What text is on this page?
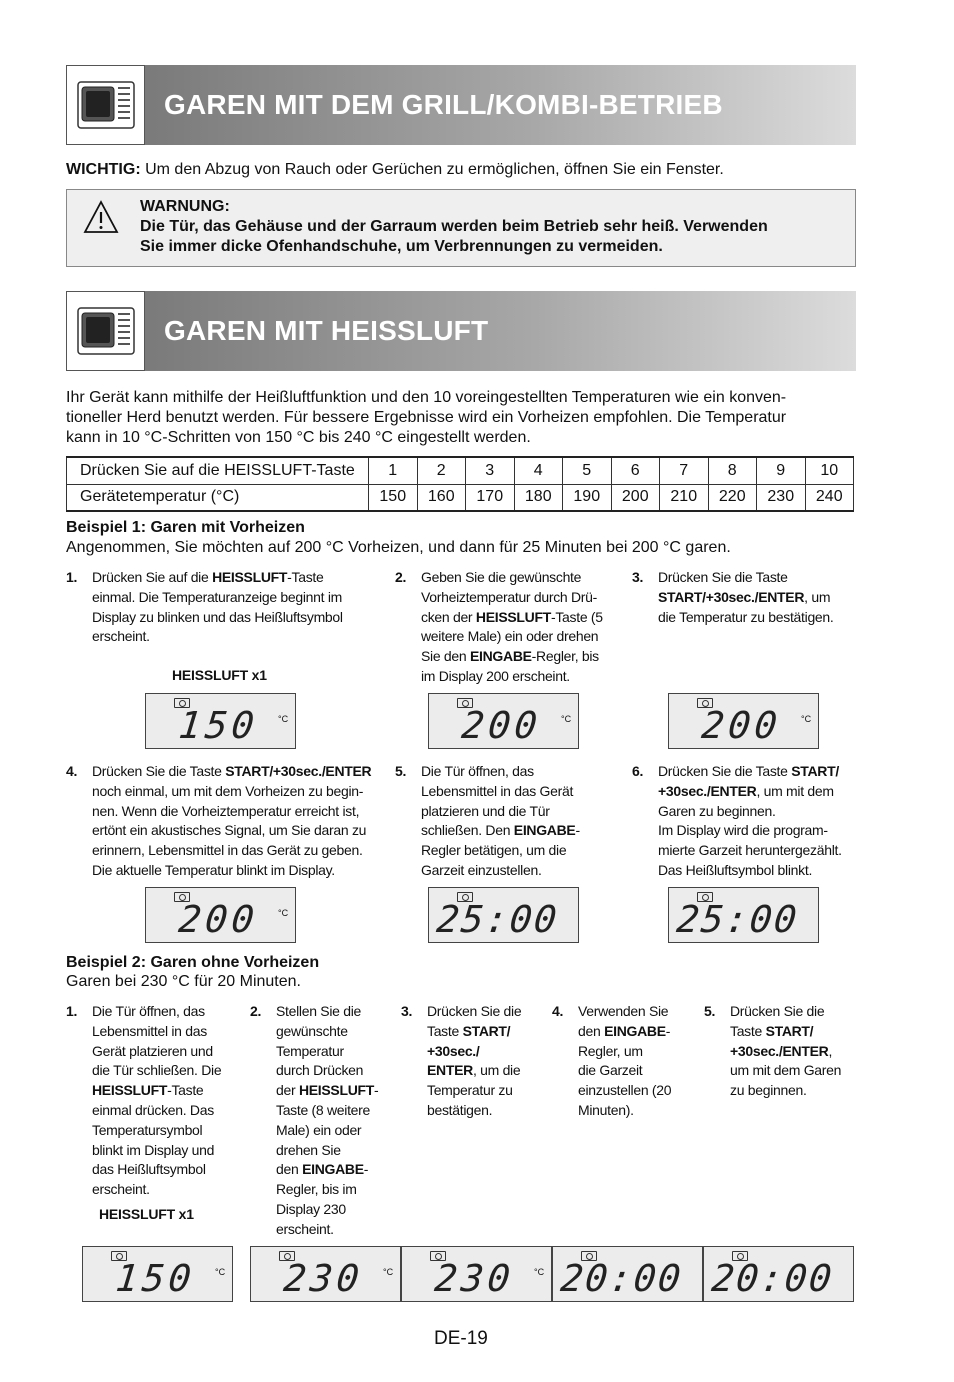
GAREN MIT DEM GRILL/KOMBI-BETRIEB
WICHTIG: Um den Abzug von Rauch oder Gerüchen zu ermöglichen, öffnen Sie ein Fenster.
WARNUNG:
Die Tür, das Gehäuse und der Garraum werden beim Betrieb sehr heiß. Verwenden
Sie immer dicke Ofenhandschuhe, um Verbrennungen zu vermeiden.
GAREN MIT HEISSLUFT
Ihr Gerät kann mithilfe der Heißluftfunktion und den 10 voreingestellten Temperaturen wie ein konven-
tioneller Herd benutzt werden. Für bessere Ergebnisse wird ein Vorheizen empfohlen. Die Temperatur
kann in 10 °C-Schritten von 150 °C bis 240 °C eingestellt werden.
Drücken Sie auf die HEISSLUFT-Taste	1	2	3	4	5	6	7	8	9	10
Gerätetemperatur (°C)	150	160	170	180	190	200	210	220	230	240
Beispiel 1: Garen mit Vorheizen
Angenommen, Sie möchten auf 200 °C Vorheizen, und dann für 25 Minuten bei 200 °C garen.
1. Drücken Sie auf die HEISSLUFT-Taste
einmal. Die Temperaturanzeige beginnt im
Display zu blinken und das Heißluftsymbol
erscheint.
HEISSLUFT x1
2. Geben Sie die gewünschte
Vorheiztemperatur durch Drü-
cken der HEISSLUFT-Taste (5
weitere Male) ein oder drehen
Sie den EINGABE-Regler, bis
im Display 200 erscheint.
3. Drücken Sie die Taste
START/+30sec./ENTER, um
die Temperatur zu bestätigen.
150 °C	200 °C	200 °C
4. Drücken Sie die Taste START/+30sec./ENTER
noch einmal, um mit dem Vorheizen zu begin-
nen. Wenn die Vorheiztemperatur erreicht ist,
ertönt ein akustisches Signal, um Sie daran zu
erinnern, Lebensmittel in das Gerät zu geben.
Die aktuelle Temperatur blinkt im Display.
5. Die Tür öffnen, das
Lebensmittel in das Gerät
platzieren und die Tür
schließen. Den EINGABE-
Regler betätigen, um die
Garzeit einzustellen.
6. Drücken Sie die Taste START/
+30sec./ENTER, um mit dem
Garen zu beginnen.
Im Display wird die program-
mierte Garzeit heruntergezählt.
Das Heißluftsymbol blinkt.
200 °C	25:00	25:00
Beispiel 2: Garen ohne Vorheizen
Garen bei 230 °C für 20 Minuten.
1. Die Tür öffnen, das
Lebensmittel in das
Gerät platzieren und
die Tür schließen. Die
HEISSLUFT-Taste
einmal drücken. Das
Temperatursymbol
blinkt im Display und
das Heißluftsymbol
erscheint.
HEISSLUFT x1
2. Stellen Sie die
gewünschte
Temperatur
durch Drücken
der HEISSLUFT-
Taste (8 weitere
Male) ein oder
drehen Sie
den EINGABE-
Regler, bis im
Display 230
erscheint.
3. Drücken Sie die
Taste START/
+30sec./
ENTER, um die
Temperatur zu
bestätigen.
4. Verwenden Sie
den EINGABE-
Regler, um
die Garzeit
einzustellen (20
Minuten).
5. Drücken Sie die
Taste START/
+30sec./ENTER,
um mit dem Garen
zu beginnen.
150 °C 230 °C 230 °C 20:00 20:00
DE-19
